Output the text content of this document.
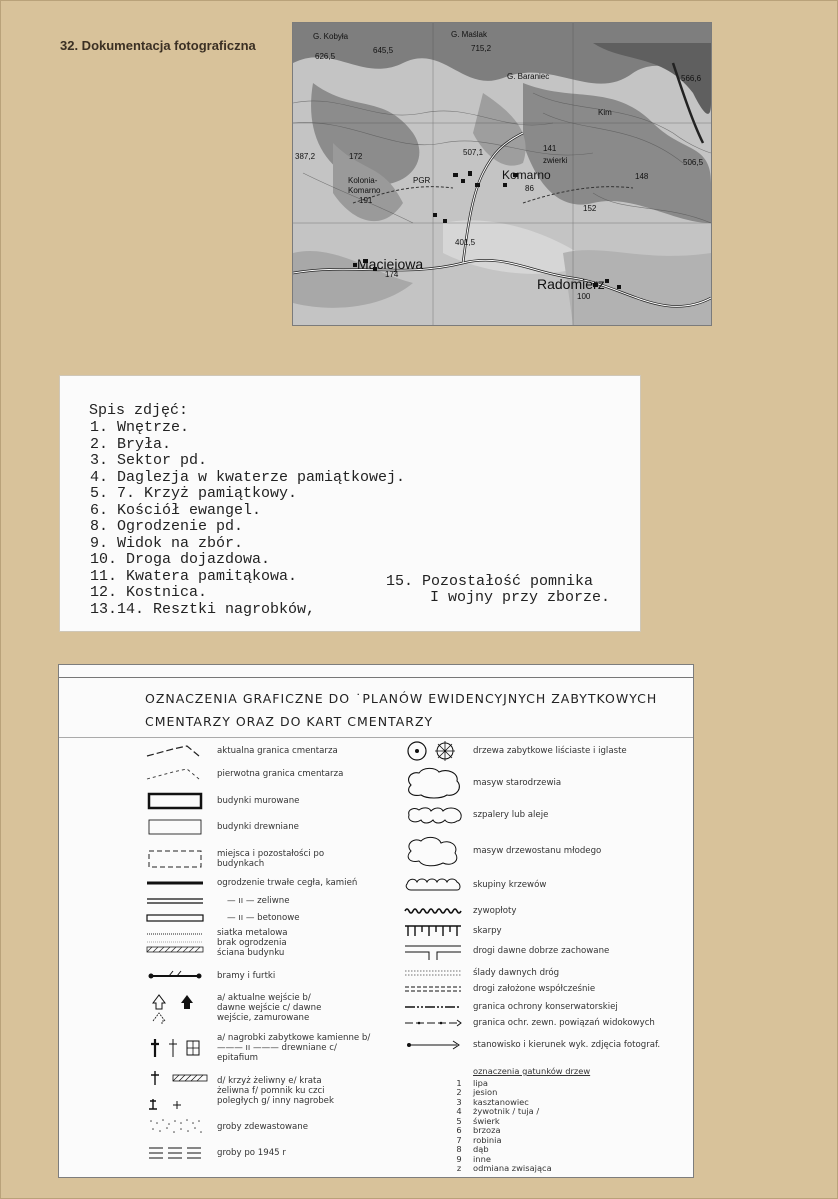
32. Dokumentacja fotograficzna
G. Kobyła	G. Maślak
G. Baraniec
Kolonia-
Komarno
Komarno
Maciejowa
Radomierz
PGR
zwierki
Kim
645,5	715,2
566,6
387,2	172	507,1
86
141
148
506,5
191
401,5
174
100
626,5
152
Spis zdjęć:
1. Wnętrze.
2. Bryła.
3. Sektor pd.
4. Daglezja w kwaterze pamiątkowej.
5. 7. Krzyż pamiątkowy.
6. Kościół ewangel.
8. Ogrodzenie pd.
9. Widok na zbór.
10. Droga dojazdowa.
11. Kwatera pamitąkowa.
12. Kostnica.
13.14. Resztki nagrobków,
15. Pozostałość pomnika
I wojny przy zborze.
OZNACZENIA GRAFICZNE DO ˙PLANÓW EWIDENCYJNYCH ZABYTKOWYCH
CMENTARZY ORAZ DO KART CMENTARZY
aktualna granica cmentarza
pierwotna granica cmentarza
budynki murowane
budynki drewniane
miejsca i pozostałości po budynkach
ogrodzenie trwałe cegła, kamień
— ıı — zeliwne
— ıı — betonowe
siatka metalowa brak ogrodzenia ściana budynku
bramy i furtki
a/ aktualne wejście b/ dawne wejście c/ dawne wejście, zamurowane
a/ nagrobki zabytkowe kamienne b/ ——— ıı ——— drewniane c/ epitafium
d/ krzyż żeliwny e/ krata żeliwna f/ pomnik ku czci poległych g/ inny nagrobek
groby zdewastowane
groby po 1945 r
drzewa zabytkowe liściaste i iglaste
masyw starodrzewia
szpalery lub aleje
masyw drzewostanu młodego
skupiny krzewów
zywopłoty
skarpy
drogi dawne dobrze zachowane
ślady dawnych dróg
drogi założone współcześnie
granica ochrony konserwatorskiej
granica ochr. zewn. powiązań widokowych
stanowisko i kierunek wyk. zdjęcia fotograf.
oznaczenia gatunków drzew
1	lipa
2	jesion
3	kasztanowiec
4	żywotnik / tuja /
5	świerk
6	brzoza
7	robinia
8	dąb
9	inne
z	odmiana zwisająca
